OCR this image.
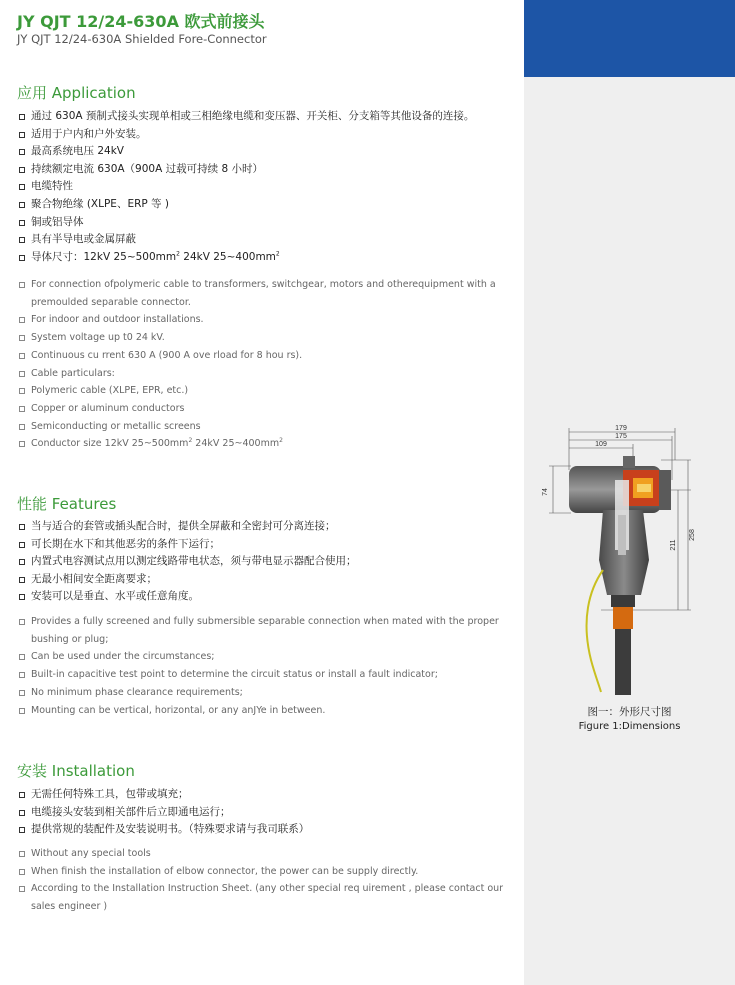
JY QJT 12/24-630A 欧式前接头
JY QJT 12/24-630A Shielded Fore-Connector
应用 Application
通过 630A 预制式接头实现单相或三相绝缘电缆和变压器、开关柜、分支箱等其他设备的连接。
适用于户内和户外安装。
最高系统电压 24kV
持续额定电流 630A（900A 过载可持续 8 小时）
电缆特性
聚合物绝缘 (XLPE、ERP 等 )
铜或铝导体
具有半导电或金属屏蔽
导体尺寸：12kV $25\sim 500mm^2$ 24kV $25\sim 400mm^2$
For connection ofpolymeric cable to transformers, switchgear, motors and otherequipment with a premoulded separable connector.
For indoor and outdoor installations.
System voltage up t0 24 kV.
Continuous cu rrent 630 A (900 A ove rload for 8 hou rs).
Cable particulars:
Polymeric cable (XLPE, EPR, etc.)
Copper or aluminum conductors
Semiconducting or metallic screens
Conductor size 12kV $25\sim 500mm^2$ 24kV $25\sim 400mm^2$
性能 Features
当与适合的套管或插头配合时，提供全屏蔽和全密封可分离连接；
可长期在水下和其他恶劣的条件下运行；
内置式电容测试点用以测定线路带电状态，须与带电显示器配合使用；
无最小相间安全距离要求；
安装可以是垂直、水平或任意角度。
Provides a fully screened and fully submersible separable connection when mated with the proper bushing or plug;
Can be used under the circumstances;
Built-in capacitive test point to determine the circuit status or install a fault indicator;
No minimum phase clearance requirements;
Mounting can be vertical, horizontal, or any anJYe in between.
安装 Installation
无需任何特殊工具，包带或填充；
电缆接头安装到相关部件后立即通电运行；
提供常规的装配件及安装说明书。（特殊要求请与我司联系）
Without any special tools
When finish the installation of elbow connector, the power can be supply directly.
According to the Installation Instruction Sheet. (any other special req uirement , please contact our sales engineer )
179
175
109
74
211
258
图一：外形尺寸图
Figure 1:Dimensions
